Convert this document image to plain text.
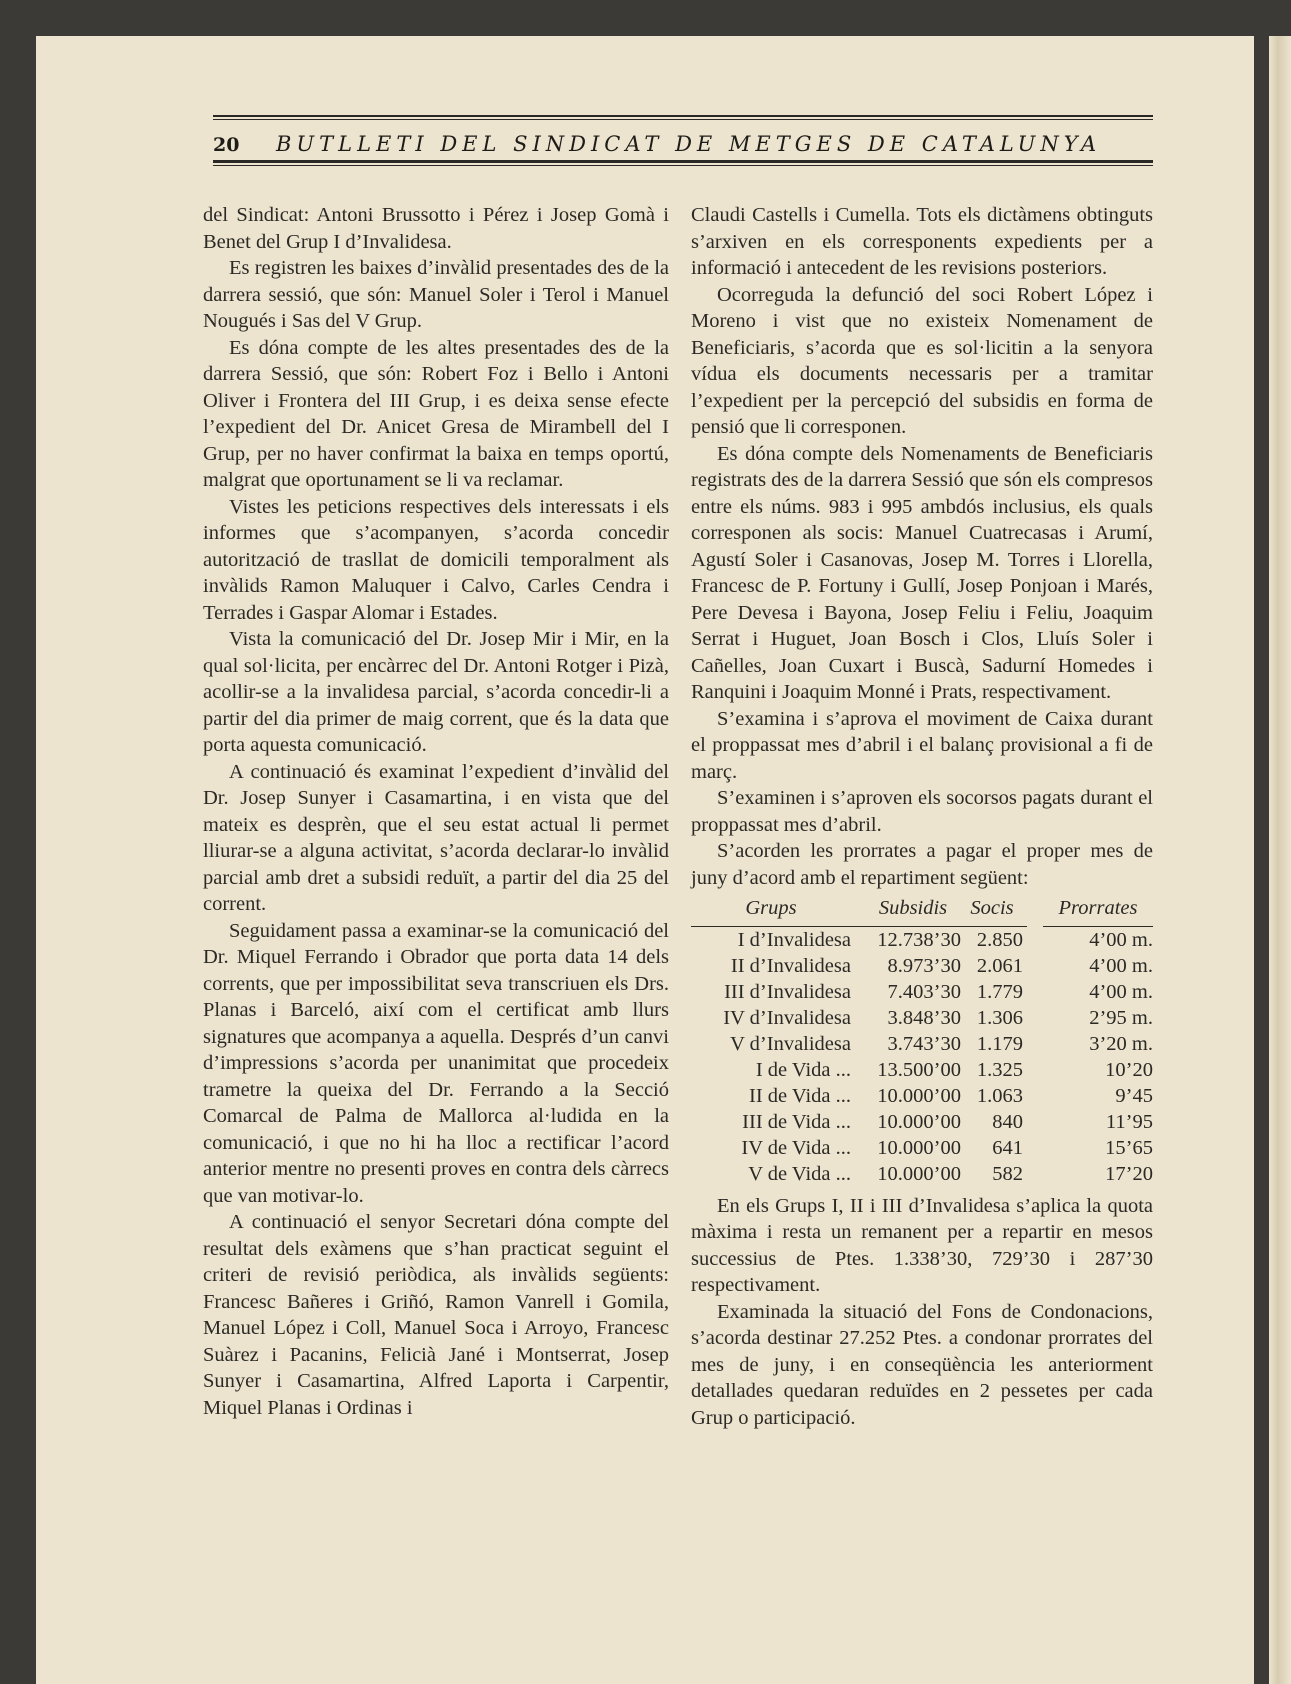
20 BUTLLETI DEL SINDICAT DE METGES DE CATALUNYA

del Sindicat: Antoni Brussotto i Pérez i Josep Gomà i Benet del Grup I d’Invalidesa.

Es registren les baixes d’invàlid presentades des de la darrera sessió, que són: Manuel Soler i Terol i Manuel Nougués i Sas del V Grup.

Es dóna compte de les altes presentades des de la darrera Sessió, que són: Robert Foz i Bello i Antoni Oliver i Frontera del III Grup, i es deixa sense efecte l’expedient del Dr. Anicet Gresa de Mirambell del I Grup, per no haver confirmat la baixa en temps oportú, malgrat que oportunament se li va reclamar.

Vistes les peticions respectives dels interessats i els informes que s’acompanyen, s’acorda concedir autorització de trasllat de domicili temporalment als invàlids Ramon Maluquer i Calvo, Carles Cendra i Terrades i Gaspar Alomar i Estades.

Vista la comunicació del Dr. Josep Mir i Mir, en la qual sol·licita, per encàrrec del Dr. Antoni Rotger i Pizà, acollir-se a la invalidesa parcial, s’acorda concedir-li a partir del dia primer de maig corrent, que és la data que porta aquesta comunicació.

A continuació és examinat l’expedient d’invàlid del Dr. Josep Sunyer i Casamartina, i en vista que del mateix es desprèn, que el seu estat actual li permet lliurar-se a alguna activitat, s’acorda declarar-lo invàlid parcial amb dret a subsidi reduït, a partir del dia 25 del corrent.

Seguidament passa a examinar-se la comunicació del Dr. Miquel Ferrando i Obrador que porta data 14 dels corrents, que per impossibilitat seva transcriuen els Drs. Planas i Barceló, així com el certificat amb llurs signatures que acompanya a aquella. Després d’un canvi d’impressions s’acorda per unanimitat que procedeix trametre la queixa del Dr. Ferrando a la Secció Comarcal de Palma de Mallorca al·ludida en la comunicació, i que no hi ha lloc a rectificar l’acord anterior mentre no presenti proves en contra dels càrrecs que van motivar-lo.

A continuació el senyor Secretari dóna compte del resultat dels exàmens que s’han practicat seguint el criteri de revisió periòdica, als invàlids següents: Francesc Bañeres i Griñó, Ramon Vanrell i Gomila, Manuel López i Coll, Manuel Soca i Arroyo, Francesc Suàrez i Pacanins, Felicià Jané i Montserrat, Josep Sunyer i Casamartina, Alfred Laporta i Carpentir, Miquel Planas i Ordinas i

Claudi Castells i Cumella. Tots els dictàmens obtinguts s’arxiven en els corresponents expedients per a informació i antecedent de les revisions posteriors.

Ocorreguda la defunció del soci Robert López i Moreno i vist que no existeix Nomenament de Beneficiaris, s’acorda que es sol·licitin a la senyora vídua els documents necessaris per a tramitar l’expedient per la percepció del subsidis en forma de pensió que li corresponen.

Es dóna compte dels Nomenaments de Beneficiaris registrats des de la darrera Sessió que són els compresos entre els núms. 983 i 995 ambdós inclusius, els quals corresponen als socis: Manuel Cuatrecasas i Arumí, Agustí Soler i Casanovas, Josep M. Torres i Llorella, Francesc de P. Fortuny i Gullí, Josep Ponjoan i Marés, Pere Devesa i Bayona, Josep Feliu i Feliu, Joaquim Serrat i Huguet, Joan Bosch i Clos, Lluís Soler i Cañelles, Joan Cuxart i Buscà, Sadurní Homedes i Ranquini i Joaquim Monné i Prats, respectivament.

S’examina i s’aprova el moviment de Caixa durant el proppassat mes d’abril i el balanç provisional a fi de març.

S’examinen i s’aproven els socorsos pagats durant el proppassat mes d’abril.

S’acorden les prorrates a pagar el proper mes de juny d’acord amb el repartiment següent:

Grups	Subsidis	Socis		Prorrates
I d’Invalidesa	12.738’30	2.850		4’00 m.
II d’Invalidesa	8.973’30	2.061		4’00 m.
III d’Invalidesa	7.403’30	1.779		4’00 m.
IV d’Invalidesa	3.848’30	1.306		2’95 m.
V d’Invalidesa	3.743’30	1.179		3’20 m.
I de Vida ...	13.500’00	1.325		10’20
II de Vida ...	10.000’00	1.063		9’45
III de Vida ...	10.000’00	840		11’95
IV de Vida ...	10.000’00	641		15’65
V de Vida ...	10.000’00	582		17’20

En els Grups I, II i III d’Invalidesa s’aplica la quota màxima i resta un remanent per a repartir en mesos successius de Ptes. 1.338’30, 729’30 i 287’30 respectivament.

Examinada la situació del Fons de Condonacions, s’acorda destinar 27.252 Ptes. a condonar prorrates del mes de juny, i en conseqüència les anteriorment detallades quedaran reduïdes en 2 pessetes per cada Grup o participació.
